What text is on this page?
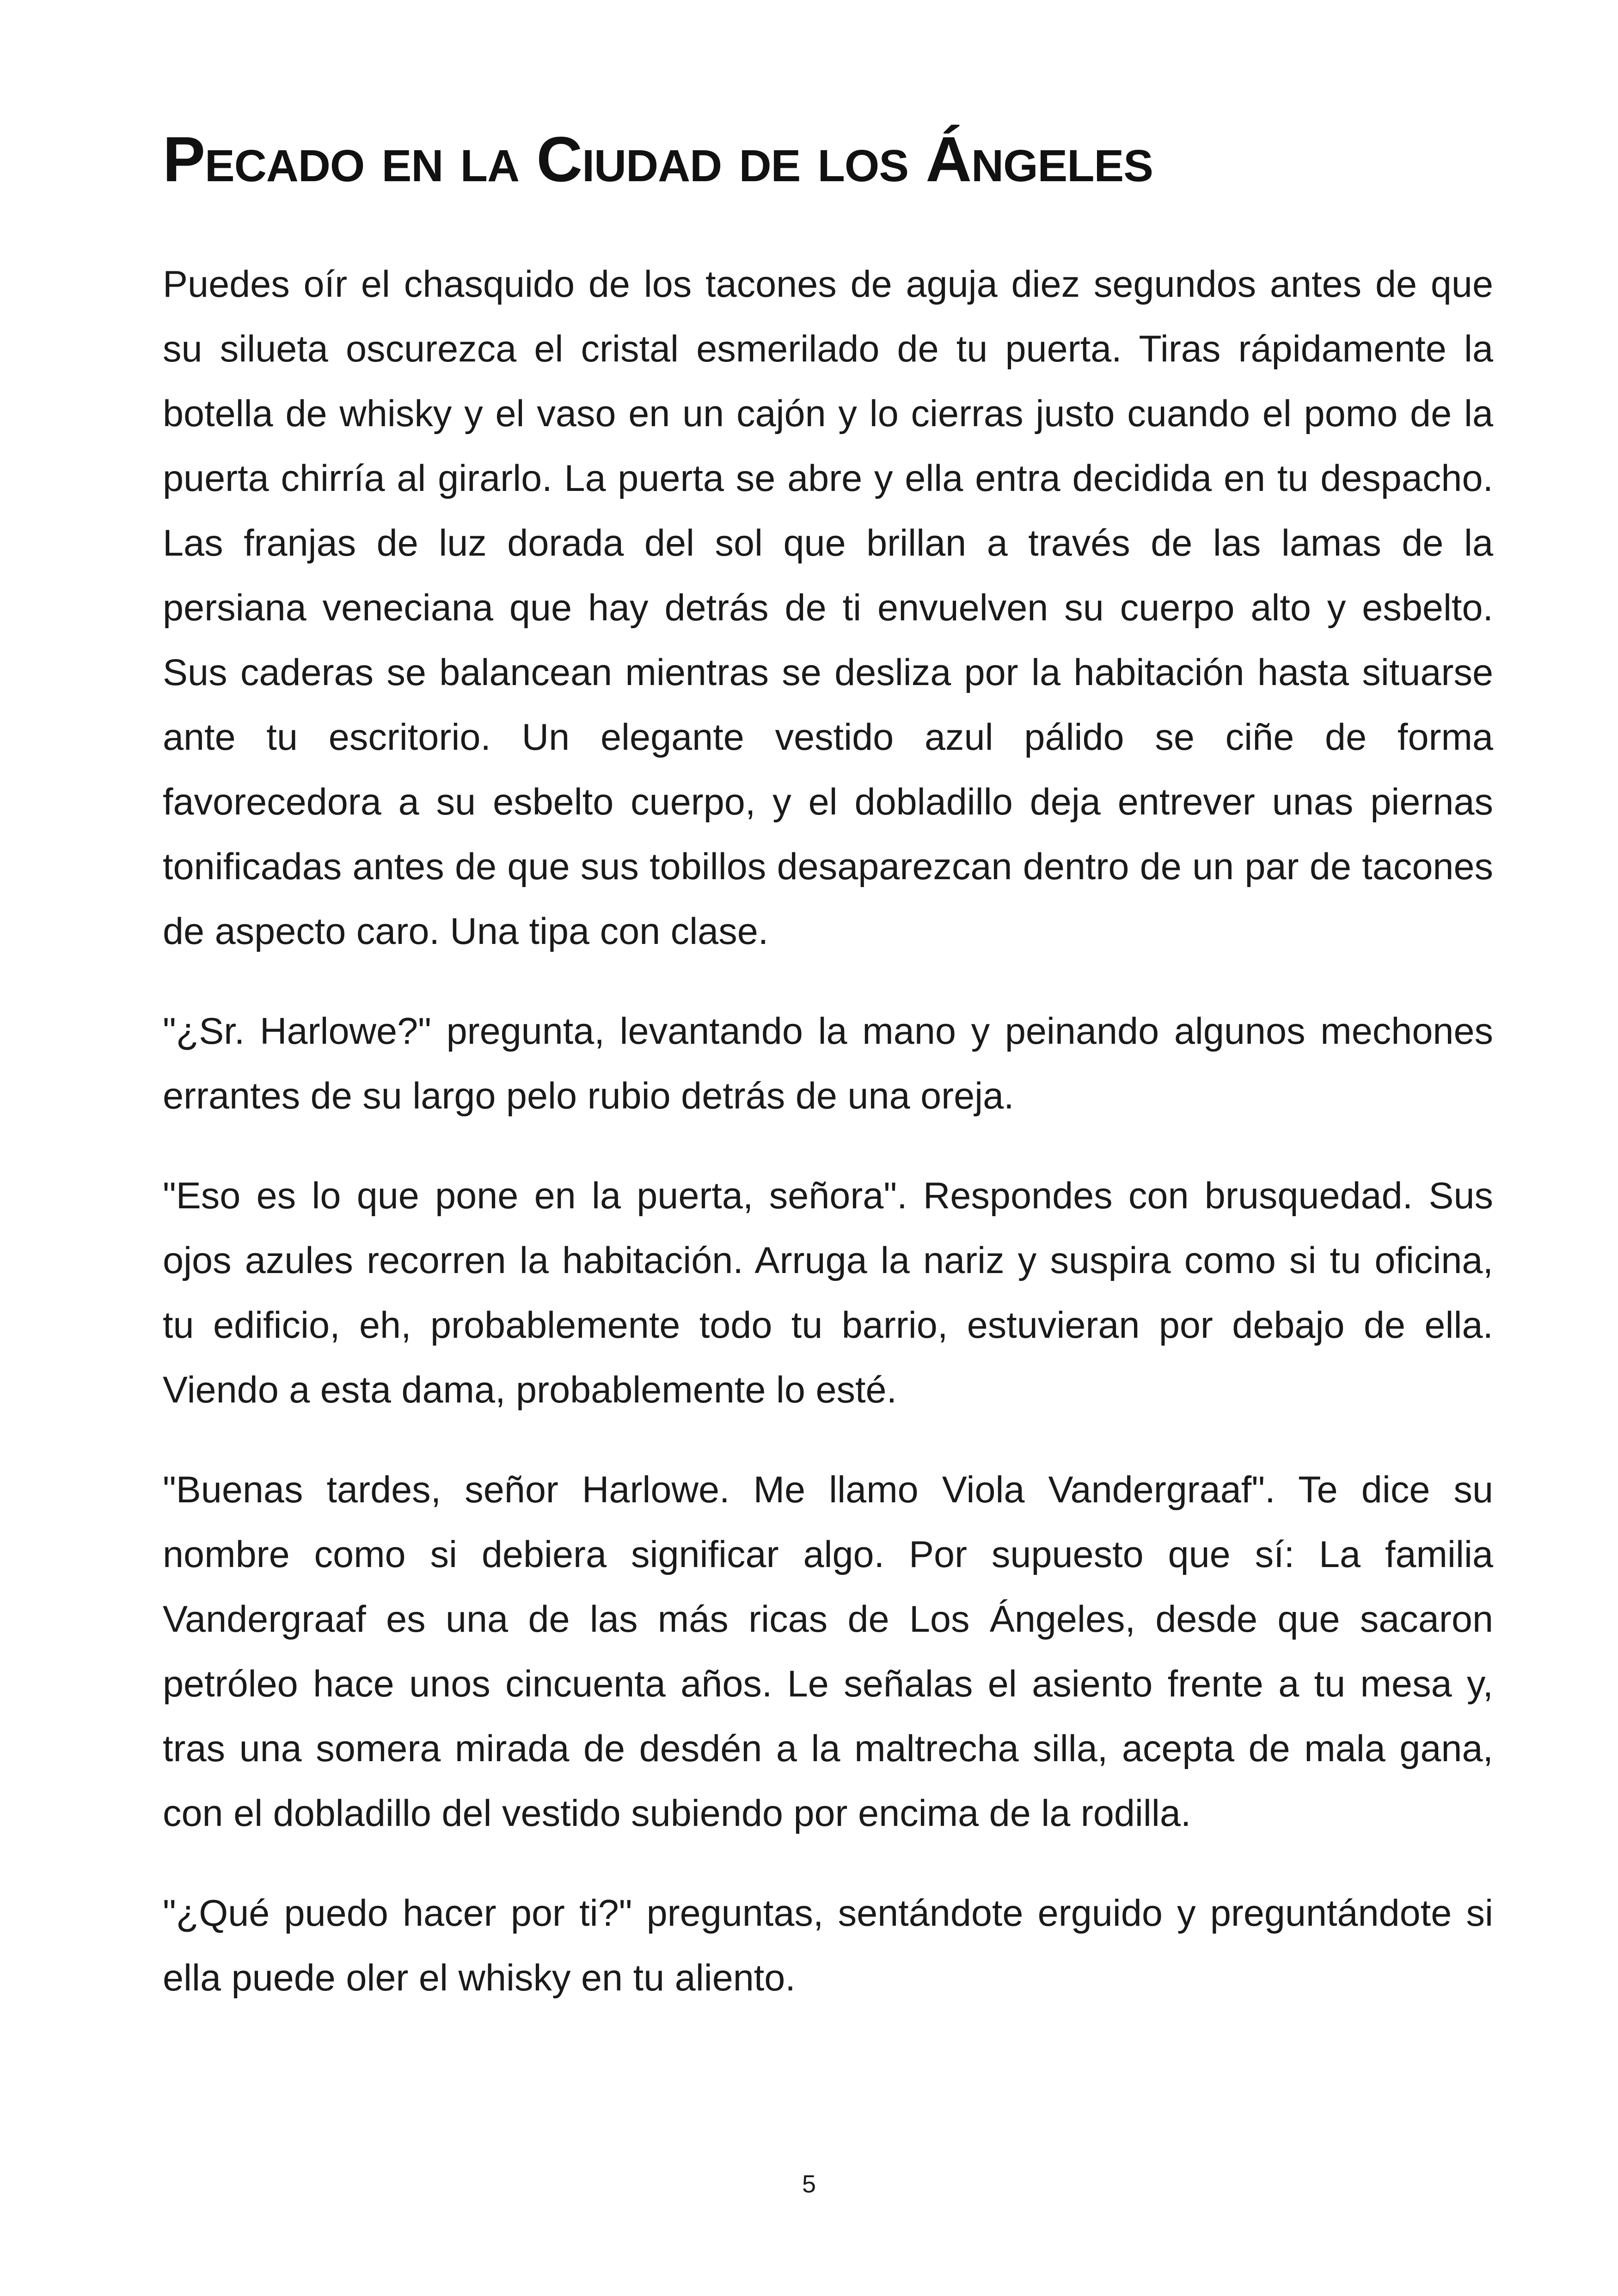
Pecado en la Ciudad de los Ángeles

Puedes oír el chasquido de los tacones de aguja diez segundos antes de que su silueta oscurezca el cristal esmerilado de tu puerta. Tiras rápidamente la botella de whisky y el vaso en un cajón y lo cierras justo cuando el pomo de la puerta chirría al girarlo. La puerta se abre y ella entra decidida en tu despacho. Las franjas de luz dorada del sol que brillan a través de las lamas de la persiana veneciana que hay detrás de ti envuelven su cuerpo alto y esbelto. Sus caderas se balancean mientras se desliza por la habitación hasta situarse ante tu escritorio. Un elegante vestido azul pálido se ciñe de forma favorecedora a su esbelto cuerpo, y el dobladillo deja entrever unas piernas tonificadas antes de que sus tobillos desaparezcan dentro de un par de tacones de aspecto caro. Una tipa con clase.

"¿Sr. Harlowe?" pregunta, levantando la mano y peinando algunos mechones errantes de su largo pelo rubio detrás de una oreja.

"Eso es lo que pone en la puerta, señora". Respondes con brusquedad. Sus ojos azules recorren la habitación. Arruga la nariz y suspira como si tu oficina, tu edificio, eh, probablemente todo tu barrio, estuvieran por debajo de ella. Viendo a esta dama, probablemente lo esté.

"Buenas tardes, señor Harlowe. Me llamo Viola Vandergraaf". Te dice su nombre como si debiera significar algo. Por supuesto que sí: La familia Vandergraaf es una de las más ricas de Los Ángeles, desde que sacaron petróleo hace unos cincuenta años. Le señalas el asiento frente a tu mesa y, tras una somera mirada de desdén a la maltrecha silla, acepta de mala gana, con el dobladillo del vestido subiendo por encima de la rodilla.

"¿Qué puedo hacer por ti?" preguntas, sentándote erguido y preguntándote si ella puede oler el whisky en tu aliento.

5
